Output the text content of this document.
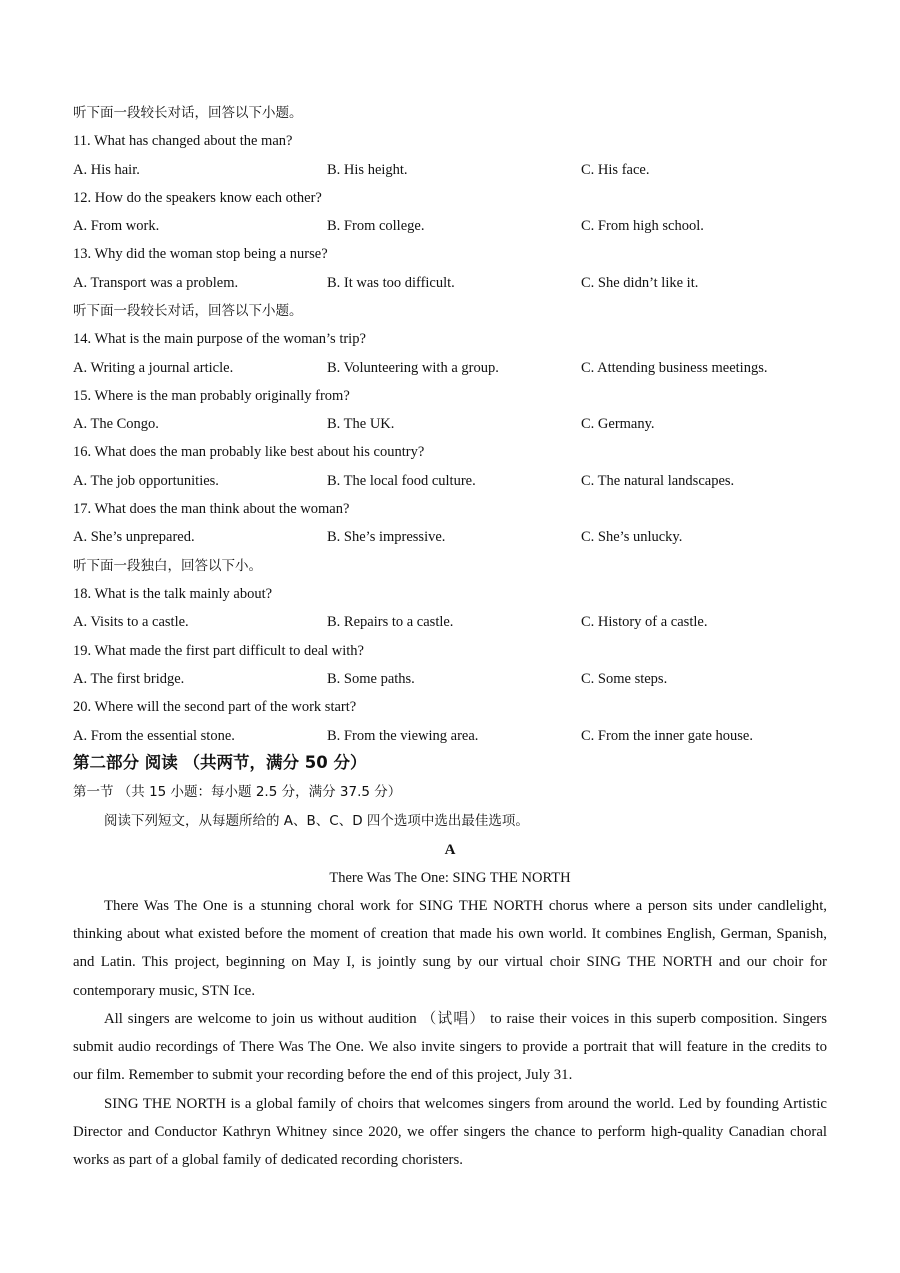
听下面一段较长对话，回答以下小题。
11. What has changed about the man?
A. His hair.	B. His height.	C. His face.
12. How do the speakers know each other?
A. From work.	B. From college.	C. From high school.
13. Why did the woman stop being a nurse?
A. Transport was a problem.	B. It was too difficult.	C. She didn’t like it.
听下面一段较长对话，回答以下小题。
14. What is the main purpose of the woman’s trip?
A. Writing a journal article.	B. Volunteering with a group.	C. Attending business meetings.
15. Where is the man probably originally from?
A. The Congo.	B. The UK.	C. Germany.
16. What does the man probably like best about his country?
A. The job opportunities.	B. The local food culture.	C. The natural landscapes.
17. What does the man think about the woman?
A. She’s unprepared.	B. She’s impressive.	C. She’s unlucky.
听下面一段独白，回答以下小。
18. What is the talk mainly about?
A. Visits to a castle.	B. Repairs to a castle.	C. History of a castle.
19. What made the first part difficult to deal with?
A. The first bridge.	B. Some paths.	C. Some steps.
20. Where will the second part of the work start?
A. From the essential stone.	B. From the viewing area.	C. From the inner gate house.
第二部分 阅读 （共两节，满分 50 分）
第一节 （共 15 小题：每小题 2.5 分，满分 37.5 分）
阅读下列短文，从每题所给的 A、B、C、D 四个选项中选出最佳选项。
A
There Was The One: SING THE NORTH
There Was The One is a stunning choral work for SING THE NORTH chorus where a person sits under candlelight, thinking about what existed before the moment of creation that made his own world. It combines English, German, Spanish, and Latin. This project, beginning on May I, is jointly sung by our virtual choir SING THE NORTH and our choir for contemporary music, STN Ice.
All singers are welcome to join us without audition （试唱） to raise their voices in this superb composition. Singers submit audio recordings of There Was The One. We also invite singers to provide a portrait that will feature in the credits to our film. Remember to submit your recording before the end of this project, July 31.
SING THE NORTH is a global family of choirs that welcomes singers from around the world. Led by founding Artistic Director and Conductor Kathryn Whitney since 2020, we offer singers the chance to perform high-quality Canadian choral works as part of a global family of dedicated recording choristers.
